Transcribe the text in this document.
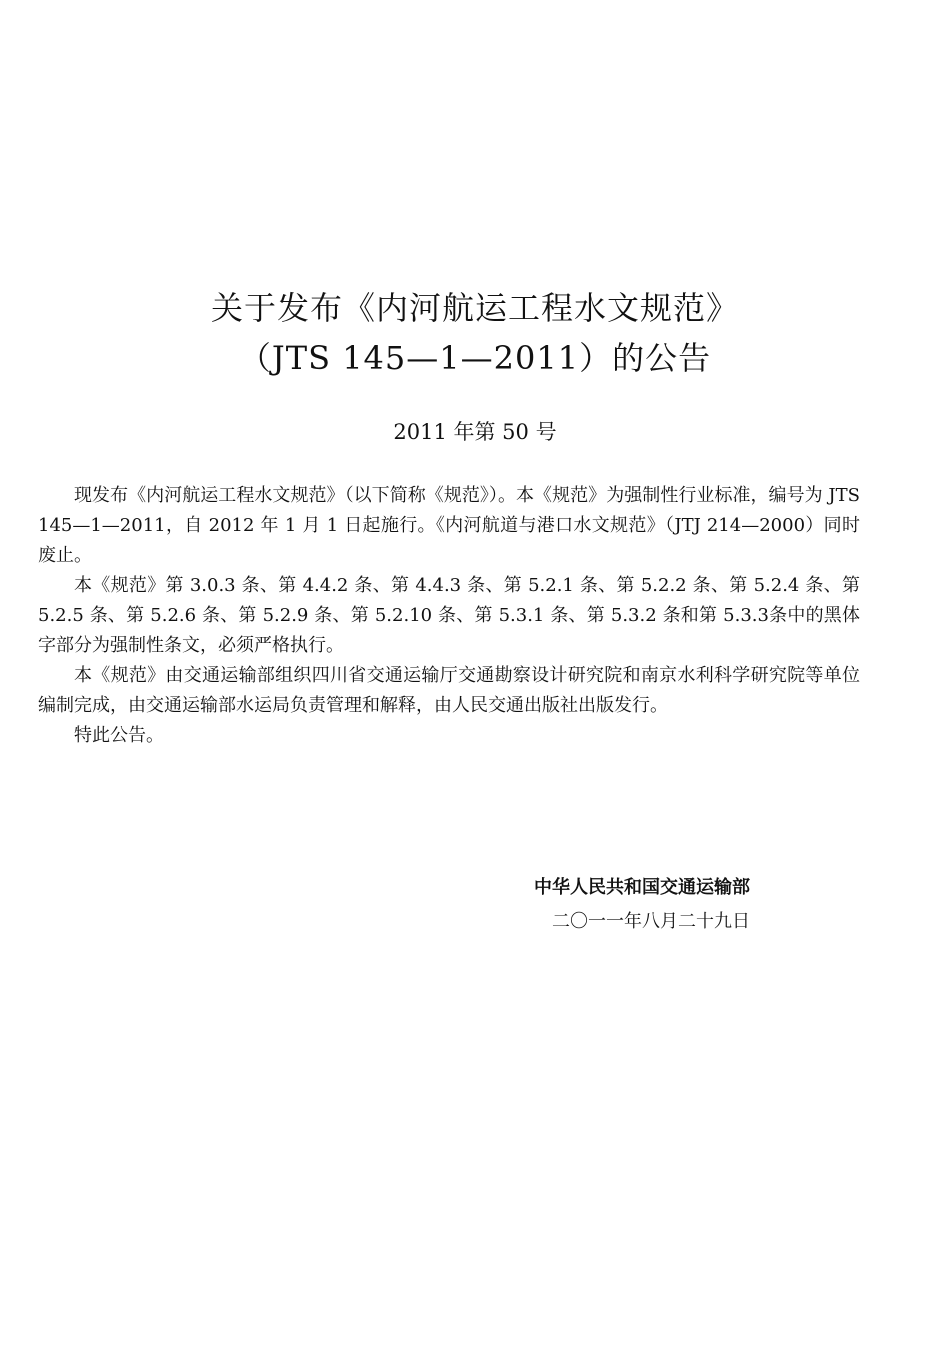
关于发布《内河航运工程水文规范》
（JTS 145—1—2011）的公告
2011 年第 50 号

现发布《内河航运工程水文规范》（以下简称《规范》）。本《规范》为强制性行业标准，编号为 JTS 145—1—2011，自 2012 年 1 月 1 日起施行。《内河航道与港口水文规范》（JTJ 214—2000）同时废止。

本《规范》第 3.0.3 条、第 4.4.2 条、第 4.4.3 条、第 5.2.1 条、第 5.2.2 条、第 5.2.4 条、第 5.2.5 条、第 5.2.6 条、第 5.2.9 条、第 5.2.10 条、第 5.3.1 条、第 5.3.2 条和第 5.3.3条中的黑体字部分为强制性条文，必须严格执行。

本《规范》由交通运输部组织四川省交通运输厅交通勘察设计研究院和南京水利科学研究院等单位编制完成，由交通运输部水运局负责管理和解释，由人民交通出版社出版发行。

特此公告。

中华人民共和国交通运输部
二〇一一年八月二十九日
